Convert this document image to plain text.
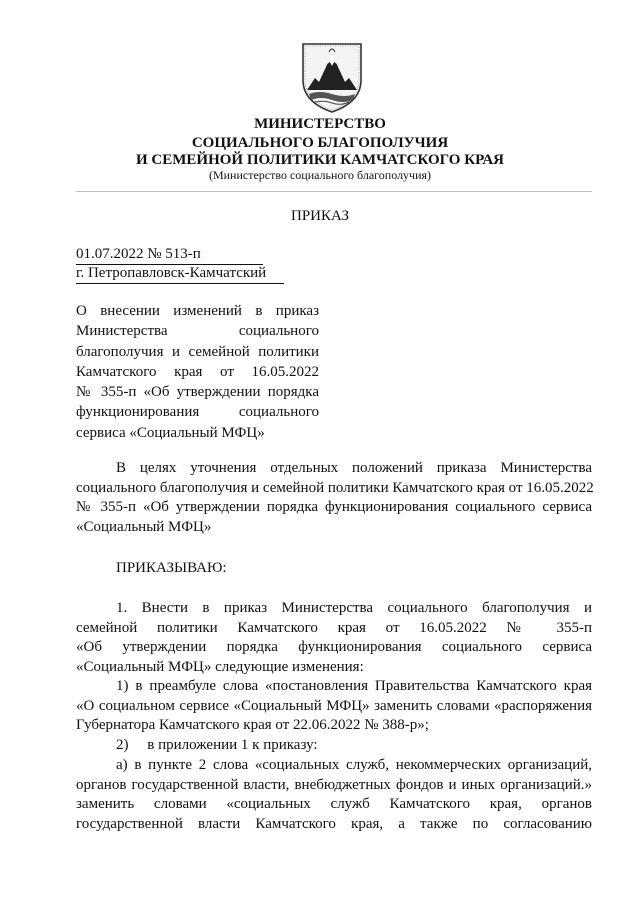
МИНИСТЕРСТВО
СОЦИАЛЬНОГО БЛАГОПОЛУЧИЯ
И СЕМЕЙНОЙ ПОЛИТИКИ КАМЧАТСКОГО КРАЯ
(Министерство социального благополучия)
ПРИКАЗ
01.07.2022 № 513-п
г. Петропавловск-Камчатский
О внесении изменений в приказ
Министерства социального
благополучия и семейной политики
Камчатского края от 16.05.2022
№ 355-п «Об утверждении порядка
функционирования социального
сервиса «Социальный МФЦ»
В целях уточнения отдельных положений приказа Министерства
социального благополучия и семейной политики Камчатского края от 16.05.2022
№ 355-п «Об утверждении порядка функционирования социального сервиса
«Социальный МФЦ»
ПРИКАЗЫВАЮ:
1. Внести в приказ Министерства социального благополучия и
семейной политики Камчатского края от 16.05.2022 № 355-п
«Об утверждении порядка функционирования социального сервиса
«Социальный МФЦ» следующие изменения:
1) в преамбуле слова «постановления Правительства Камчатского края
«О социальном сервисе «Социальный МФЦ» заменить словами «распоряжения
Губернатора Камчатского края от 22.06.2022 № 388-р»;
2)     в приложении 1 к приказу:
а) в пункте 2 слова «социальных служб, некоммерческих организаций,
органов государственной власти, внебюджетных фондов и иных организаций.»
заменить словами «социальных служб Камчатского края, органов
государственной власти Камчатского края, а также по согласованию
